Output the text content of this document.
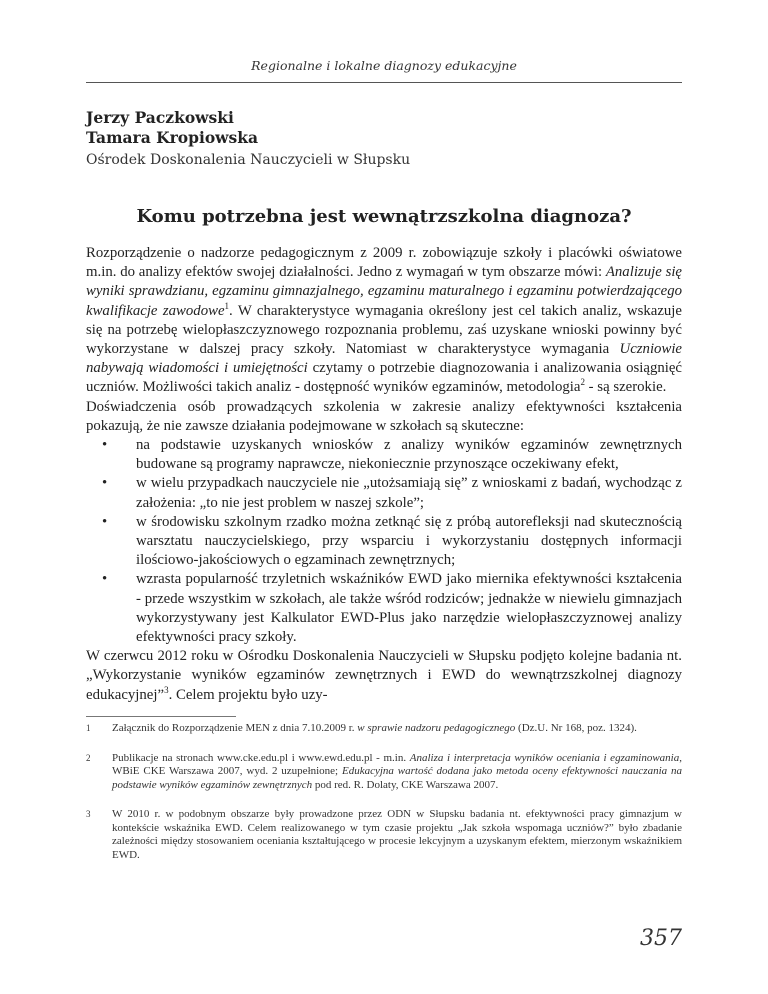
Regionalne i lokalne diagnozy edukacyjne
Jerzy Paczkowski
Tamara Kropiowska
Ośrodek Doskonalenia Nauczycieli w Słupsku
Komu potrzebna jest wewnątrzszkolna diagnoza?

Rozporządzenie o nadzorze pedagogicznym z 2009 r. zobowiązuje szkoły i placówki oświatowe m.in. do analizy efektów swojej działalności. Jedno z wymagań w tym obszarze mówi: Analizuje się wyniki sprawdzianu, egzaminu gimnazjalnego, egzaminu maturalnego i egzaminu potwierdzającego kwalifikacje zawodowe$^1$. W charakterystyce wymagania określony jest cel takich analiz, wskazuje się na potrzebę wielopłaszczyznowego rozpoznania problemu, zaś uzyskane wnioski powinny być wykorzystane w dalszej pracy szkoły. Natomiast w charakterystyce wymagania Uczniowie nabywają wiadomości i umiejętności czytamy o potrzebie diagnozowania i analizowania osiągnięć uczniów. Możliwości takich analiz - dostępność wyników egzaminów, metodologia$^2$ - są szerokie.

Doświadczenia osób prowadzących szkolenia w zakresie analizy efektywności kształcenia pokazują, że nie zawsze działania podejmowane w szkołach są skuteczne:

• na podstawie uzyskanych wniosków z analizy wyników egzaminów zewnętrznych budowane są programy naprawcze, niekoniecznie przynoszące oczekiwany efekt,
• w wielu przypadkach nauczyciele nie „utożsamiają się” z wnioskami z badań, wychodząc z założenia: „to nie jest problem w naszej szkole”;
• w środowisku szkolnym rzadko można zetknąć się z próbą autorefleksji nad skutecznością warsztatu nauczycielskiego, przy wsparciu i wykorzystaniu dostępnych informacji ilościowo-jakościowych o egzaminach zewnętrznych;
• wzrasta popularność trzyletnich wskaźników EWD jako miernika efektywności kształcenia - przede wszystkim w szkołach, ale także wśród rodziców; jednakże w niewielu gimnazjach wykorzystywany jest Kalkulator EWD-Plus jako narzędzie wielopłaszczyznowej analizy efektywności pracy szkoły.

W czerwcu 2012 roku w Ośrodku Doskonalenia Nauczycieli w Słupsku podjęto kolejne badania nt. „Wykorzystanie wyników egzaminów zewnętrznych i EWD do wewnątrzszkolnej diagnozy edukacyjnej”$^3$. Celem projektu było uzy-

1 Załącznik do Rozporządzenie MEN z dnia 7.10.2009 r. w sprawie nadzoru pedagogicznego (Dz.U. Nr 168, poz. 1324).
2 Publikacje na stronach www.cke.edu.pl i www.ewd.edu.pl - m.in. Analiza i interpretacja wyników oceniania i egzaminowania, WBiE CKE Warszawa 2007, wyd. 2 uzupełnione; Edukacyjna wartość dodana jako metoda oceny efektywności nauczania na podstawie wyników egzaminów zewnętrznych pod red. R. Dolaty, CKE Warszawa 2007.
3 W 2010 r. w podobnym obszarze były prowadzone przez ODN w Słupsku badania nt. efektywności pracy gimnazjum w kontekście wskaźnika EWD. Celem realizowanego w tym czasie projektu „Jak szkoła wspomaga uczniów?” było zbadanie zależności między stosowaniem oceniania kształtującego w procesie lekcyjnym a uzyskanym efektem, mierzonym wskaźnikiem EWD.
357
